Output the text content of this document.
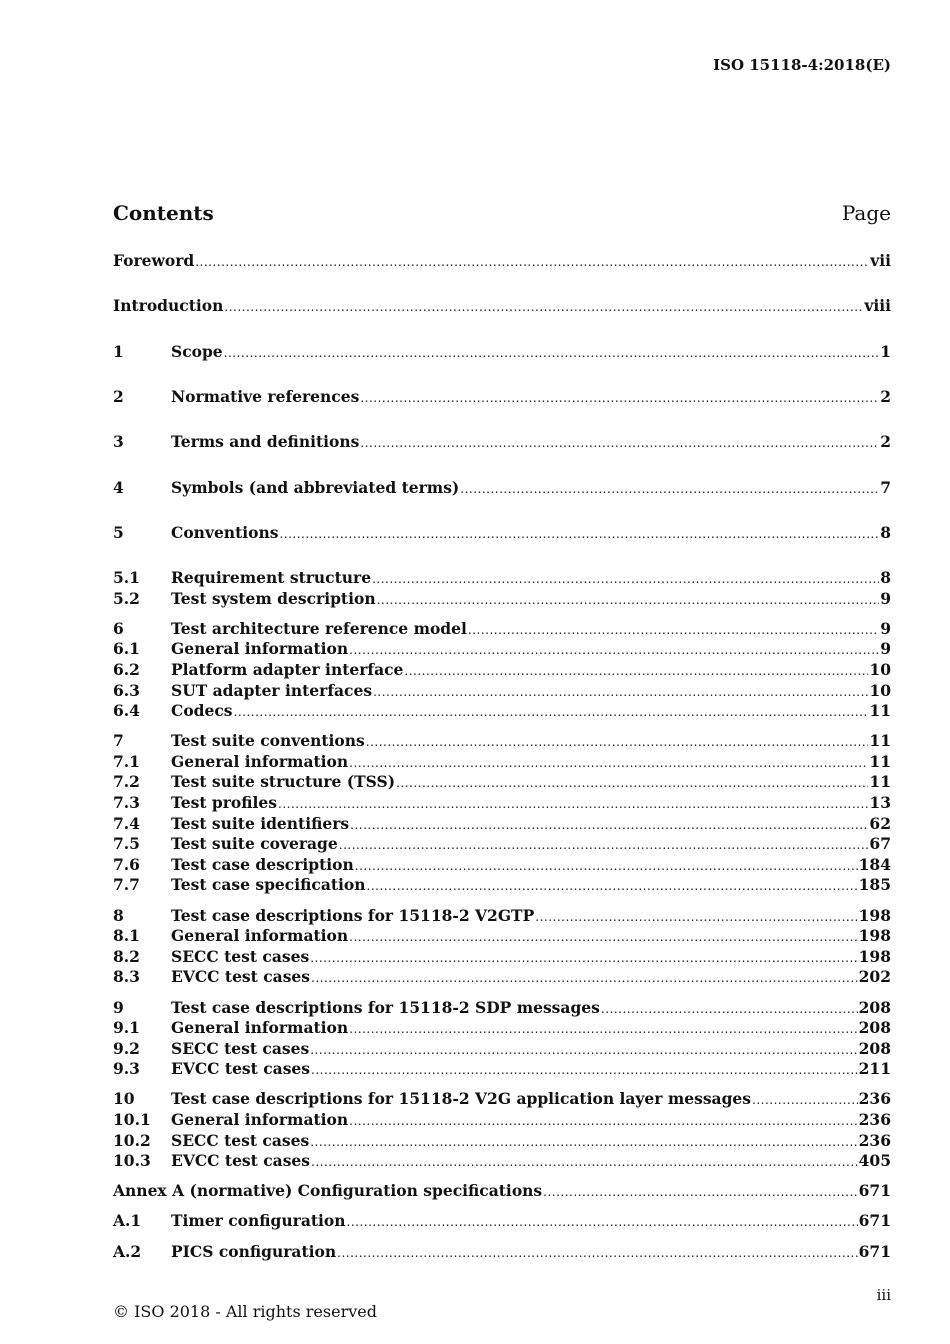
ISO 15118-4:2018(E)
Contents	Page
Foreword .....	vii
Introduction .....	viii
1	Scope .....	1
2	Normative references .....	2
3	Terms and definitions .....	2
4	Symbols (and abbreviated terms) .....	7
5	Conventions .....	8
5.1	Requirement structure .....	8
5.2	Test system description .....	9
6	Test architecture reference model .....	9
6.1	General information .....	9
6.2	Platform adapter interface .....	10
6.3	SUT adapter interfaces .....	10
6.4	Codecs .....	11
7	Test suite conventions .....	11
7.1	General information .....	11
7.2	Test suite structure (TSS) .....	11
7.3	Test profiles .....	13
7.4	Test suite identifiers .....	62
7.5	Test suite coverage .....	67
7.6	Test case description .....	184
7.7	Test case specification .....	185
8	Test case descriptions for 15118-2 V2GTP .....	198
8.1	General information .....	198
8.2	SECC test cases .....	198
8.3	EVCC test cases .....	202
9	Test case descriptions for 15118-2 SDP messages .....	208
9.1	General information .....	208
9.2	SECC test cases .....	208
9.3	EVCC test cases .....	211
10	Test case descriptions for 15118-2 V2G application layer messages .....	236
10.1	General information .....	236
10.2	SECC test cases .....	236
10.3	EVCC test cases .....	405
Annex A (normative) Configuration specifications .....	671
A.1	Timer configuration .....	671
A.2	PICS configuration .....	671
iii
© ISO 2018 - All rights reserved
